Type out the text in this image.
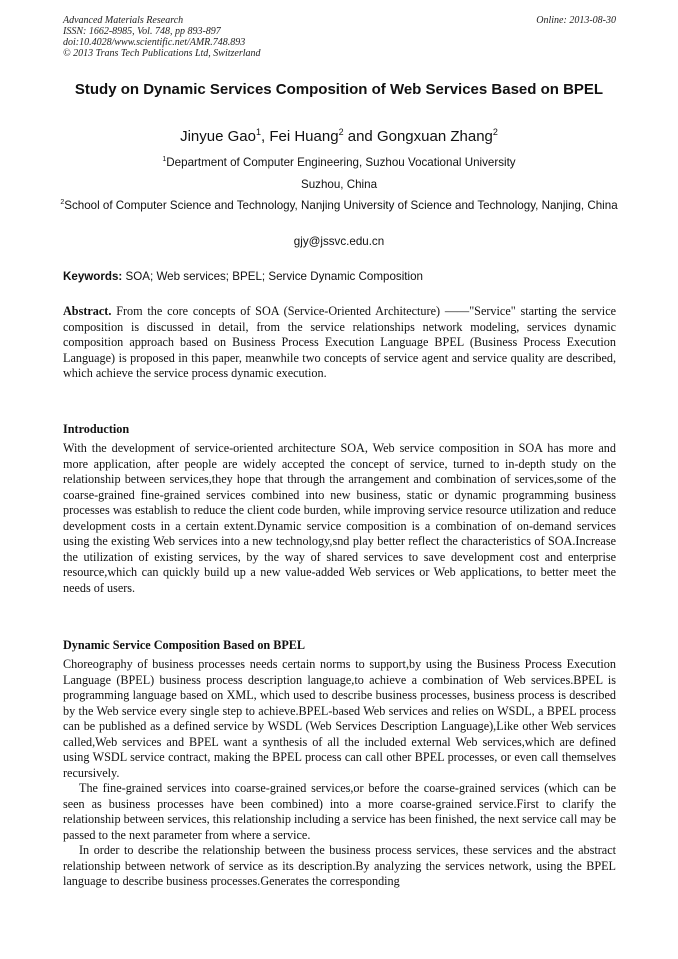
Advanced Materials Research
ISSN: 1662-8985, Vol. 748, pp 893-897
doi:10.4028/www.scientific.net/AMR.748.893
© 2013 Trans Tech Publications Ltd, Switzerland
Online: 2013-08-30
Study on Dynamic Services Composition of Web Services Based on BPEL
Jinyue Gao$^1$, Fei Huang$^2$ and Gongxuan Zhang$^2$
$^1$Department of Computer Engineering, Suzhou Vocational University
Suzhou, China
$^2$School of Computer Science and Technology, Nanjing University of Science and Technology, Nanjing, China
gjy@jssvc.edu.cn
Keywords: SOA; Web services; BPEL; Service Dynamic Composition

Abstract. From the core concepts of SOA (Service-Oriented Architecture) ——"Service" starting the service composition is discussed in detail, from the service relationships network modeling, services dynamic composition approach based on Business Process Execution Language BPEL (Business Process Execution Language) is proposed in this paper, meanwhile two concepts of service agent and service quality are described, which achieve the service process dynamic execution.

Introduction

With the development of service-oriented architecture SOA, Web service composition in SOA has more and more application, after people are widely accepted the concept of service, turned to in-depth study on the relationship between services,they hope that through the arrangement and combination of services,some of the coarse-grained fine-grained services combined into new business, static or dynamic programming business processes was establish to reduce the client code burden, while improving service resource utilization and reduce development costs in a certain extent.Dynamic service composition is a combination of on-demand services using the existing Web services into a new technology,snd play better reflect the characteristics of SOA.Increase the utilization of existing services, by the way of shared services to save development cost and enterprise resource,which can quickly build up a new value-added Web services or Web applications, to better meet the needs of users.

Dynamic Service Composition Based on BPEL

Choreography of business processes needs certain norms to support,by using the Business Process Execution Language (BPEL) business process description language,to achieve a combination of Web services.BPEL is programming language based on XML, which used to describe business processes, business process is described by the Web service every single step to achieve.BPEL-based Web services and relies on WSDL, a BPEL process can be published as a defined service by WSDL (Web Services Description Language),Like other Web services called,Web services and BPEL want a synthesis of all the included external Web services,which are defined using WSDL service contract, making the BPEL process can call other BPEL processes, or even call themselves recursively.

The fine-grained services into coarse-grained services,or before the coarse-grained services (which can be seen as business processes have been combined) into a more coarse-grained service.First to clarify the relationship between services, this relationship including a service has been finished, the next service call may be passed to the next parameter from where a service.

In order to describe the relationship between the business process services, these services and the abstract relationship between network of service as its description.By analyzing the services network, using the BPEL language to describe business processes.Generates the corresponding
